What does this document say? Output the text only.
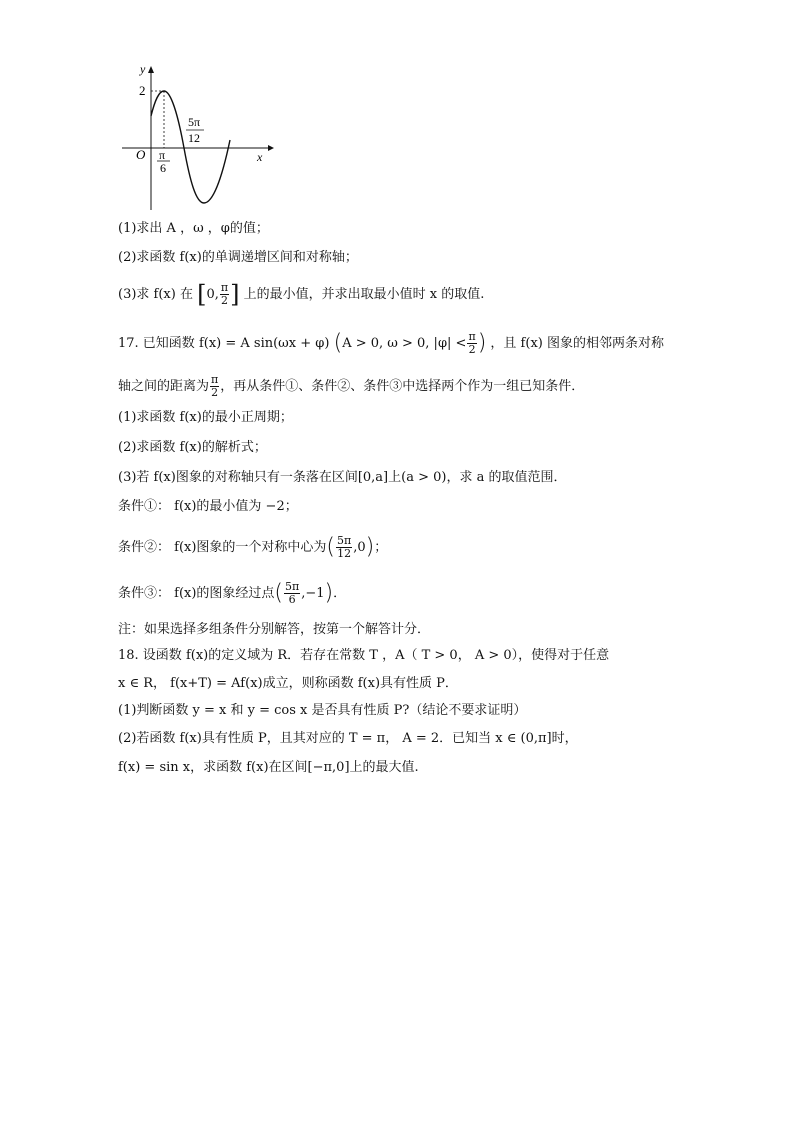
y
x
O
2
π
6
5π
12
(1)求出 A ，ω ，φ的值；
(2)求函数 f(x)的单调递增区间和对称轴；
(3)求 f(x) 在 [0, $\frac{\pi}{2}$ ] 上的最小值，并求出取最小值时 x 的取值.
17. 已知函数 f(x) = A sin(ωx + φ) (A > 0, ω > 0, $|\varphi| < \frac{\pi}{2}$ ) ，且 f(x) 图象的相邻两条对称
轴之间的距离为 $\frac{\pi}{2}$ ，再从条件①、条件②、条件③中选择两个作为一组已知条件．
(1)求函数 f(x)的最小正周期；
(2)求函数 f(x)的解析式；
(3)若 f(x)图象的对称轴只有一条落在区间[0,a]上(a > 0)，求 a 的取值范围．
条件①： f(x)的最小值为 −2；
条件②： f(x)图象的一个对称中心为( $\frac{5\pi}{12} ,0$)；
条件③： f(x)的图象经过点( $\frac{5\pi}{6} ,-1$)．
注：如果选择多组条件分别解答，按第一个解答计分．
18. 设函数 f(x)的定义域为 R．若存在常数 T ，A（ T > 0， A > 0），使得对于任意
x ∈ R， f(x+T) = Af(x)成立，则称函数 f(x)具有性质 P．
(1)判断函数 y = x 和 y = cos x 是否具有性质 P?（结论不要求证明）
(2)若函数 f(x)具有性质 P，且其对应的 T = π， A = 2．已知当 x ∈ (0,π]时，
f(x) = sin x，求函数 f(x)在区间[−π,0]上的最大值.
